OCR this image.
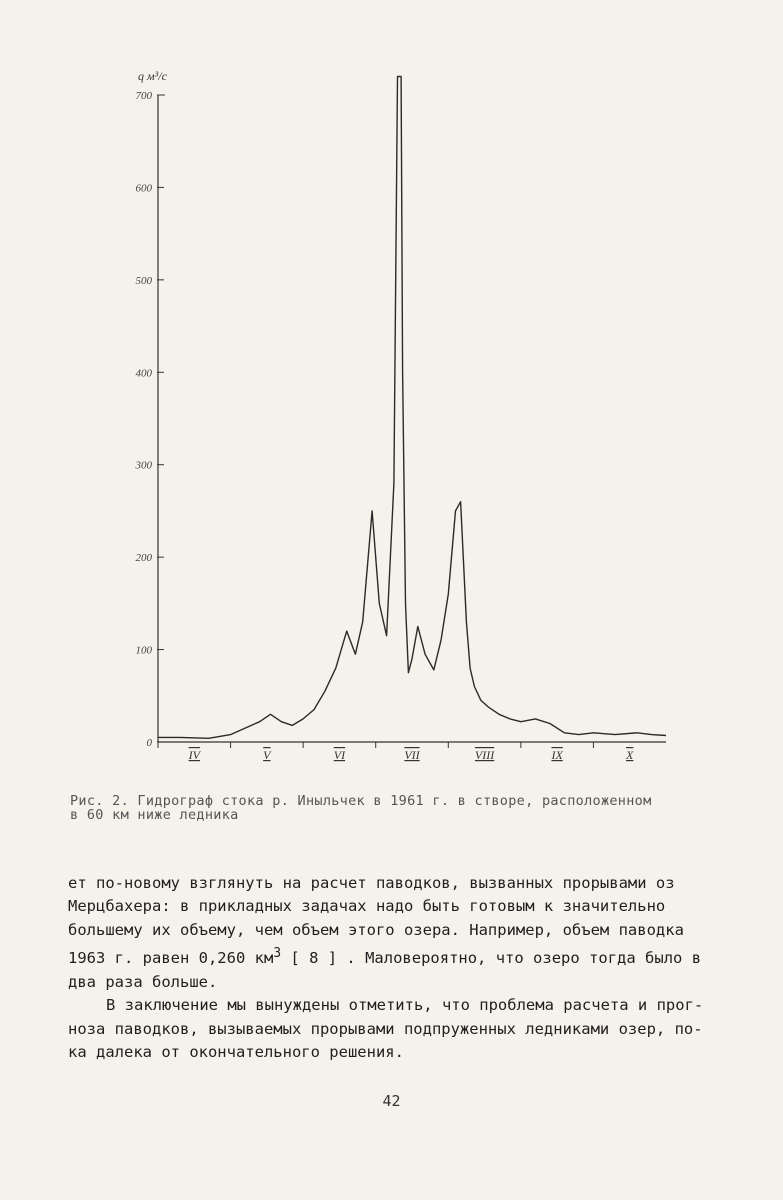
q м³/с
0
100
200
300
400
500
600
700
IV	V	VI	VII	VIII	IX	X

Рис. 2. Гидрограф стока р. Иныльчек в 1961 г. в створе, расположенном

в 60 км ниже ледника

ет по-новому взглянуть на расчет паводков, вызванных прорывами оз

Мерцбахера: в прикладных задачах надо быть готовым к значительно

большему их объему, чем объем этого озера. Например, объем паводка

1963 г. равен 0,260 $км^3$ [ 8 ] . Маловероятно, что озеро тогда было в

два раза больше.

В заключение мы вынуждены отметить, что проблема расчета и прог-

ноза паводков, вызываемых прорывами подпруженных ледниками озер, по-

ка далека от окончательного решения.

42
